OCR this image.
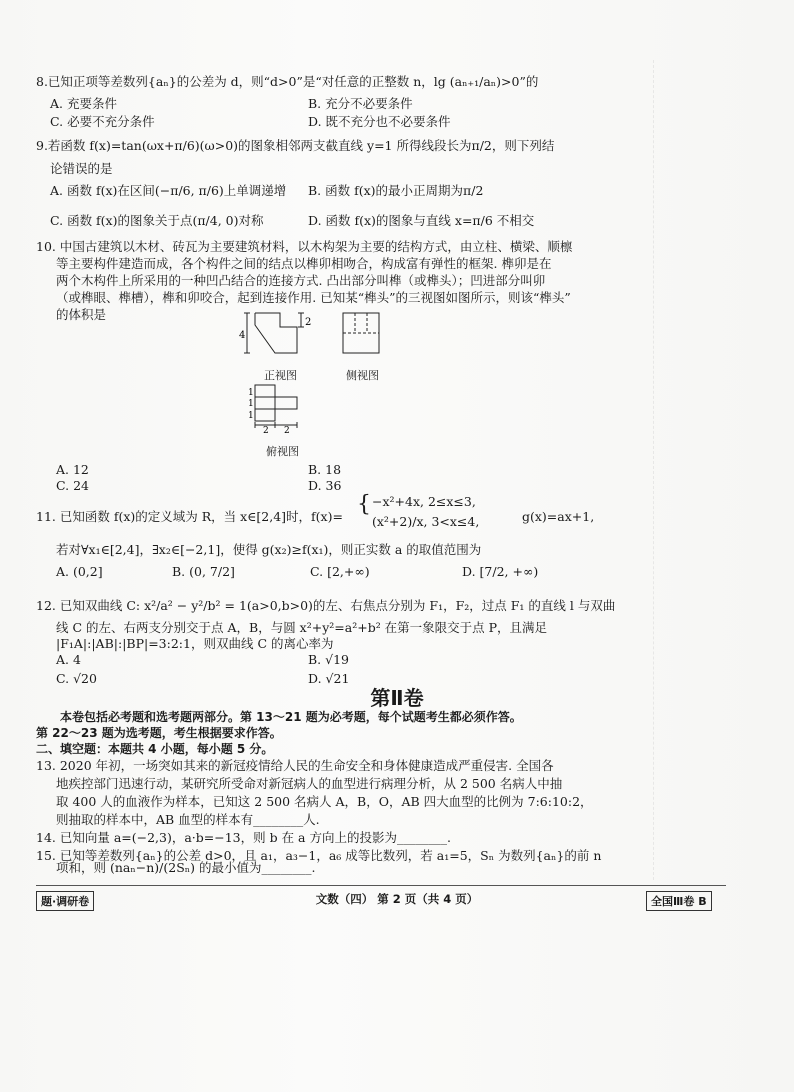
8.已知正项等差数列{aₙ}的公差为 d，则“d>0”是“对任意的正整数 n，lg (aₙ₊₁/aₙ)>0”的
A. 充要条件	B. 充分不必要条件
C. 必要不充分条件	D. 既不充分也不必要条件
9.若函数 f(x)=tan(ωx+π/6)(ω>0)的图象相邻两支截直线 y=1 所得线段长为π/2，则下列结
论错误的是
A. 函数 f(x)在区间(−π/6, π/6)上单调递增 B. 函数 f(x)的最小正周期为π/2
C. 函数 f(x)的图象关于点(π/4, 0)对称	D. 函数 f(x)的图象与直线 x=π/6 不相交
10. 中国古建筑以木材、砖瓦为主要建筑材料，以木构架为主要的结构方式，由立柱、横梁、顺檩
等主要构件建造而成，各个构件之间的结点以榫卯相吻合，构成富有弹性的框架. 榫卯是在
两个木构件上所采用的一种凹凸结合的连接方式. 凸出部分叫榫（或榫头）；凹进部分叫卯
（或榫眼、榫槽），榫和卯咬合，起到连接作用. 已知某“榫头”的三视图如图所示，则该“榫头”
的体积是
4
2
1
1
1
2 2
正视图	侧视图
俯视图
A. 12	B. 18
C. 24	D. 36
11. 已知函数 f(x)的定义域为 R，当 x∈[2,4]时，f(x)= { −x²+4x, 2≤x≤3,
(x²+2)/x, 3<x≤4,	g(x)=ax+1,
若对∀x₁∈[2,4]，∃x₂∈[−2,1]，使得 g(x₂)≥f(x₁)，则正实数 a 的取值范围为
A. (0,2]	B. (0, 7/2]	C. [2,+∞)	D. [7/2, +∞)
12. 已知双曲线 C: x²/a² − y²/b² = 1(a>0,b>0)的左、右焦点分别为 F₁，F₂，过点 F₁ 的直线 l 与双曲
线 C 的左、右两支分别交于点 A，B，与圆 x²+y²=a²+b² 在第一象限交于点 P，且满足
|F₁A|:|AB|:|BP|=3:2:1，则双曲线 C 的离心率为
A. 4	B. √19
C. √20	D. √21
第Ⅱ卷
本卷包括必考题和选考题两部分。第 13～21 题为必考题，每个试题考生都必须作答。
第 22～23 题为选考题，考生根据要求作答。
二、填空题：本题共 4 小题，每小题 5 分。
13. 2020 年初，一场突如其来的新冠疫情给人民的生命安全和身体健康造成严重侵害. 全国各
地疾控部门迅速行动，某研究所受命对新冠病人的血型进行病理分析，从 2 500 名病人中抽
取 400 人的血液作为样本，已知这 2 500 名病人 A，B，O，AB 四大血型的比例为 7:6:10:2，
则抽取的样本中，AB 血型的样本有________人.
14. 已知向量 a=(−2,3)，a·b=−13，则 b 在 a 方向上的投影为________.
15. 已知等差数列{aₙ}的公差 d>0，且 a₁，a₃−1，a₆ 成等比数列，若 a₁=5，Sₙ 为数列{aₙ}的前 n
项和，则 (naₙ−n)/(2Sₙ) 的最小值为________.
题·调研卷	文数（四） 第 2 页（共 4 页）	全国Ⅲ卷 B
